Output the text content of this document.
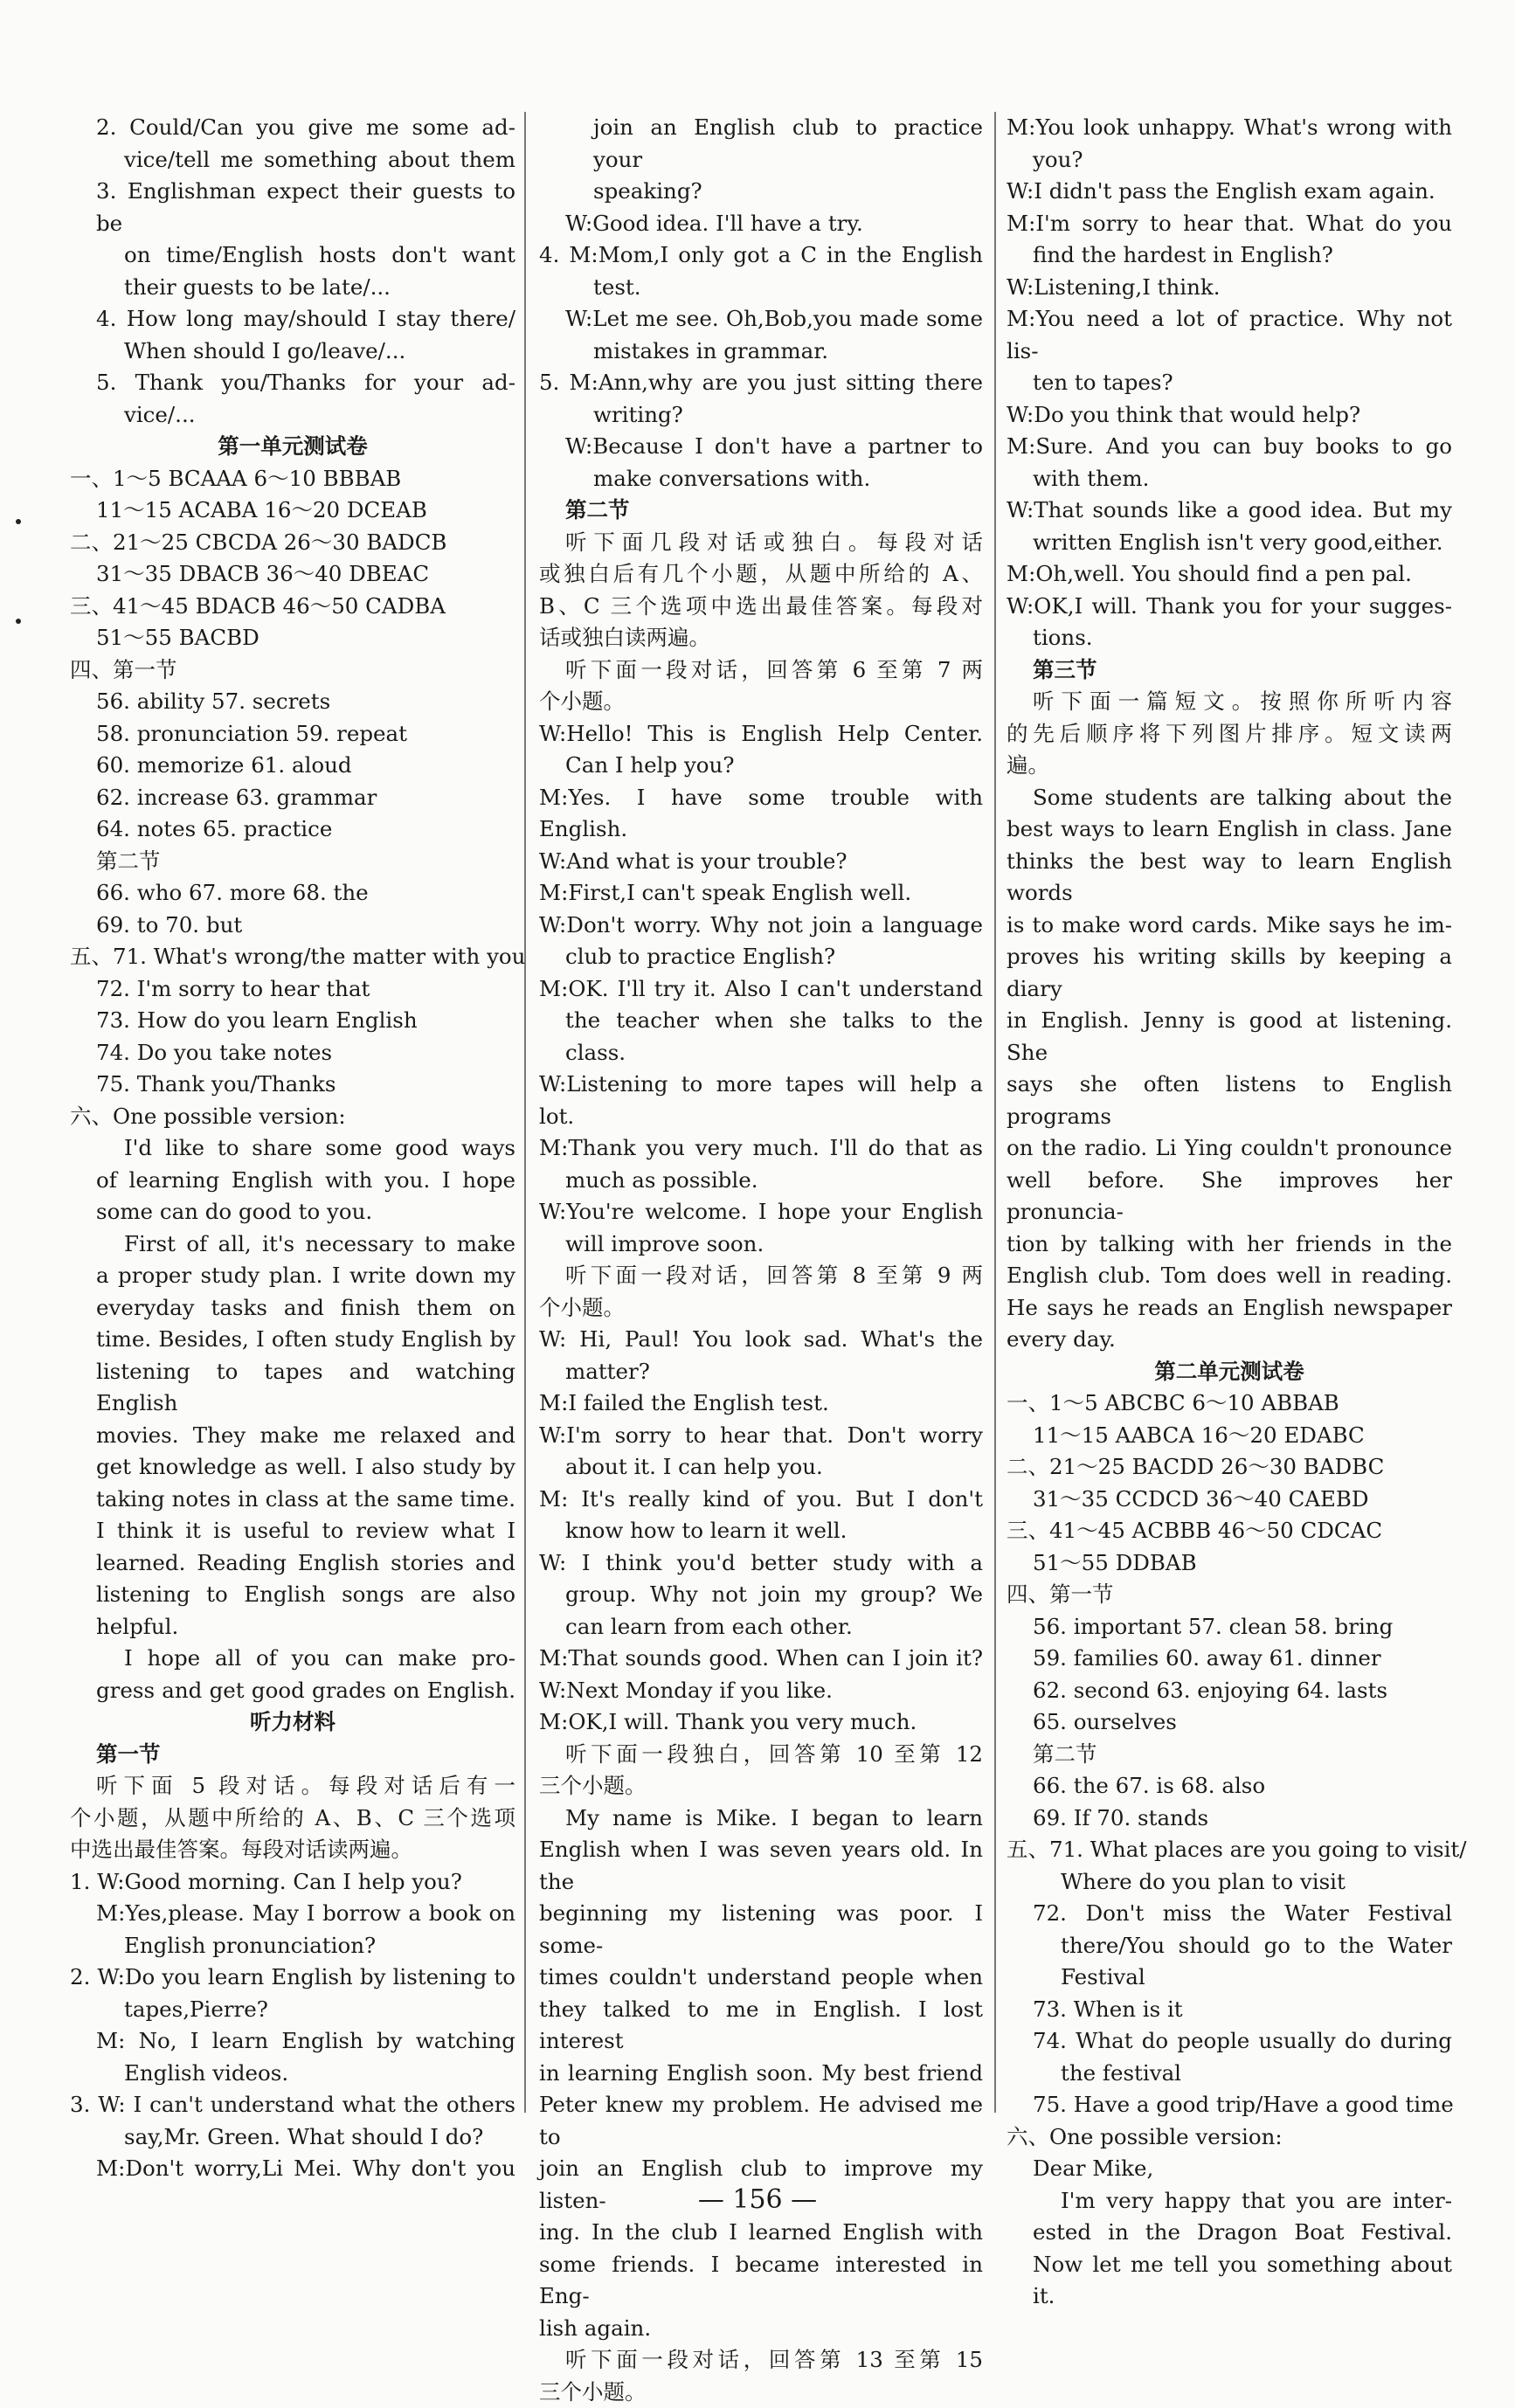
2. Could/Can you give me some ad-
vice/tell me something about them
3. Englishman expect their guests to be
on time/English hosts don't want
their guests to be late/...
4. How long may/should I stay there/
When should I go/leave/...
5. Thank you/Thanks for your ad-
vice/...
第一单元测试卷
一、1～5 BCAAA 6～10 BBBAB
11～15 ACABA 16～20 DCEAB
二、21～25 CBCDA 26～30 BADCB
31～35 DBACB 36～40 DBEAC
三、41～45 BDACB 46～50 CADBA
51～55 BACBD
四、第一节
56. ability 57. secrets
58. pronunciation 59. repeat
60. memorize 61. aloud
62. increase 63. grammar
64. notes 65. practice
第二节
66. who 67. more 68. the
69. to 70. but
五、71. What's wrong/the matter with you
72. I'm sorry to hear that
73. How do you learn English
74. Do you take notes
75. Thank you/Thanks
六、One possible version:
I'd like to share some good ways
of learning English with you. I hope
some can do good to you.
First of all, it's necessary to make
a proper study plan. I write down my
everyday tasks and finish them on
time. Besides, I often study English by
listening to tapes and watching English
movies. They make me relaxed and
get knowledge as well. I also study by
taking notes in class at the same time.
I think it is useful to review what I
learned. Reading English stories and
listening to English songs are also
helpful.
I hope all of you can make pro-
gress and get good grades on English.
听力材料
第一节
听下面 5 段对话。每段对话后有一
个小题，从题中所给的 A、B、C 三个选项
中选出最佳答案。每段对话读两遍。
1. W:Good morning. Can I help you?
M:Yes,please. May I borrow a book on
English pronunciation?
2. W:Do you learn English by listening to
tapes,Pierre?
M: No, I learn English by watching
English videos.
3. W: I can't understand what the others
say,Mr. Green. What should I do?
M:Don't worry,Li Mei. Why don't you
join an English club to practice your
speaking?
W:Good idea. I'll have a try.
4. M:Mom,I only got a C in the English
test.
W:Let me see. Oh,Bob,you made some
mistakes in grammar.
5. M:Ann,why are you just sitting there
writing?
W:Because I don't have a partner to
make conversations with.
第二节
听下面几段对话或独白。每段对话
或独白后有几个小题，从题中所给的 A、
B、C 三个选项中选出最佳答案。每段对
话或独白读两遍。
听下面一段对话，回答第 6 至第 7 两
个小题。
W:Hello! This is English Help Center.
Can I help you?
M:Yes. I have some trouble with English.
W:And what is your trouble?
M:First,I can't speak English well.
W:Don't worry. Why not join a language
club to practice English?
M:OK. I'll try it. Also I can't understand
the teacher when she talks to the
class.
W:Listening to more tapes will help a lot.
M:Thank you very much. I'll do that as
much as possible.
W:You're welcome. I hope your English
will improve soon.
听下面一段对话，回答第 8 至第 9 两
个小题。
W: Hi, Paul! You look sad. What's the
matter?
M:I failed the English test.
W:I'm sorry to hear that. Don't worry
about it. I can help you.
M: It's really kind of you. But I don't
know how to learn it well.
W: I think you'd better study with a
group. Why not join my group? We
can learn from each other.
M:That sounds good. When can I join it?
W:Next Monday if you like.
M:OK,I will. Thank you very much.
听下面一段独白，回答第 10 至第 12
三个小题。
My name is Mike. I began to learn
English when I was seven years old. In the
beginning my listening was poor. I some-
times couldn't understand people when
they talked to me in English. I lost interest
in learning English soon. My best friend
Peter knew my problem. He advised me to
join an English club to improve my listen-
ing. In the club I learned English with
some friends. I became interested in Eng-
lish again.
听下面一段对话，回答第 13 至第 15
三个小题。
M:You look unhappy. What's wrong with
you?
W:I didn't pass the English exam again.
M:I'm sorry to hear that. What do you
find the hardest in English?
W:Listening,I think.
M:You need a lot of practice. Why not lis-
ten to tapes?
W:Do you think that would help?
M:Sure. And you can buy books to go
with them.
W:That sounds like a good idea. But my
written English isn't very good,either.
M:Oh,well. You should find a pen pal.
W:OK,I will. Thank you for your sugges-
tions.
第三节
听下面一篇短文。按照你所听内容
的先后顺序将下列图片排序。短文读两
遍。
Some students are talking about the
best ways to learn English in class. Jane
thinks the best way to learn English words
is to make word cards. Mike says he im-
proves his writing skills by keeping a diary
in English. Jenny is good at listening. She
says she often listens to English programs
on the radio. Li Ying couldn't pronounce
well before. She improves her pronuncia-
tion by talking with her friends in the
English club. Tom does well in reading.
He says he reads an English newspaper
every day.
第二单元测试卷
一、1～5 ABCBC 6～10 ABBAB
11～15 AABCA 16～20 EDABC
二、21～25 BACDD 26～30 BADBC
31～35 CCDCD 36～40 CAEBD
三、41～45 ACBBB 46～50 CDCAC
51～55 DDBAB
四、第一节
56. important 57. clean 58. bring
59. families 60. away 61. dinner
62. second 63. enjoying 64. lasts
65. ourselves
第二节
66. the 67. is 68. also
69. If 70. stands
五、71. What places are you going to visit/
Where do you plan to visit
72. Don't miss the Water Festival
there/You should go to the Water
Festival
73. When is it
74. What do people usually do during
the festival
75. Have a good trip/Have a good time
六、One possible version:
Dear Mike,
I'm very happy that you are inter-
ested in the Dragon Boat Festival.
Now let me tell you something about
it.
— 156 —
